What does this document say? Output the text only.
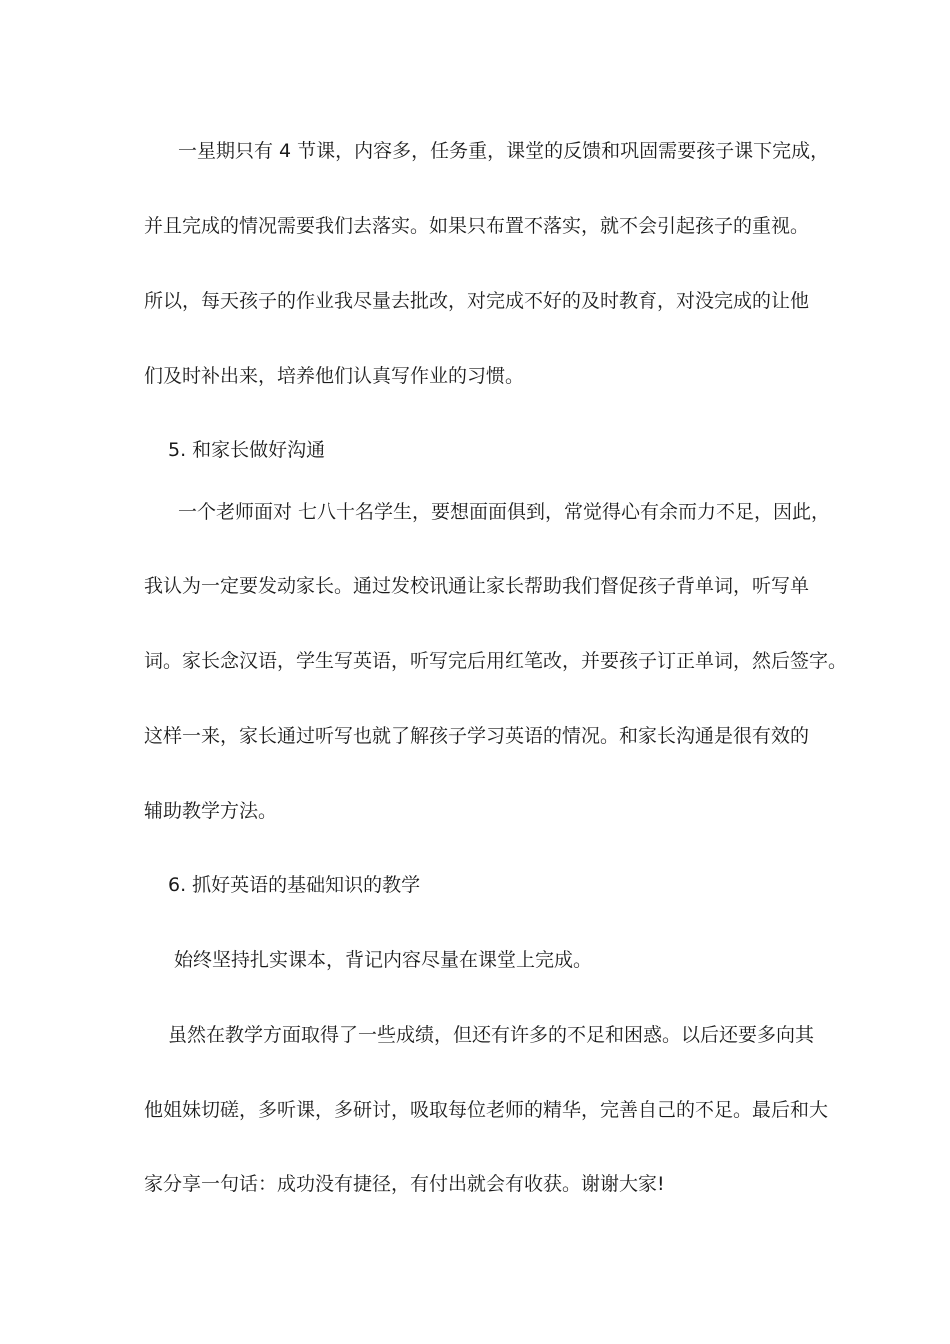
一星期只有 4 节课，内容多，任务重，课堂的反馈和巩固需要孩子课下完成，
并且完成的情况需要我们去落实。如果只布置不落实，就不会引起孩子的重视。
所以，每天孩子的作业我尽量去批改，对完成不好的及时教育，对没完成的让他
们及时补出来，培养他们认真写作业的习惯。
5. 和家长做好沟通
一个老师面对 七八十名学生，要想面面俱到，常觉得心有余而力不足，因此，
我认为一定要发动家长。通过发校讯通让家长帮助我们督促孩子背单词，听写单
词。家长念汉语，学生写英语，听写完后用红笔改，并要孩子订正单词，然后签字。
这样一来，家长通过听写也就了解孩子学习英语的情况。和家长沟通是很有效的
辅助教学方法。
6. 抓好英语的基础知识的教学
始终坚持扎实课本，背记内容尽量在课堂上完成。
虽然在教学方面取得了一些成绩，但还有许多的不足和困惑。以后还要多向其
他姐妹切磋，多听课，多研讨，吸取每位老师的精华，完善自己的不足。最后和大
家分享一句话：成功没有捷径，有付出就会有收获。谢谢大家!
